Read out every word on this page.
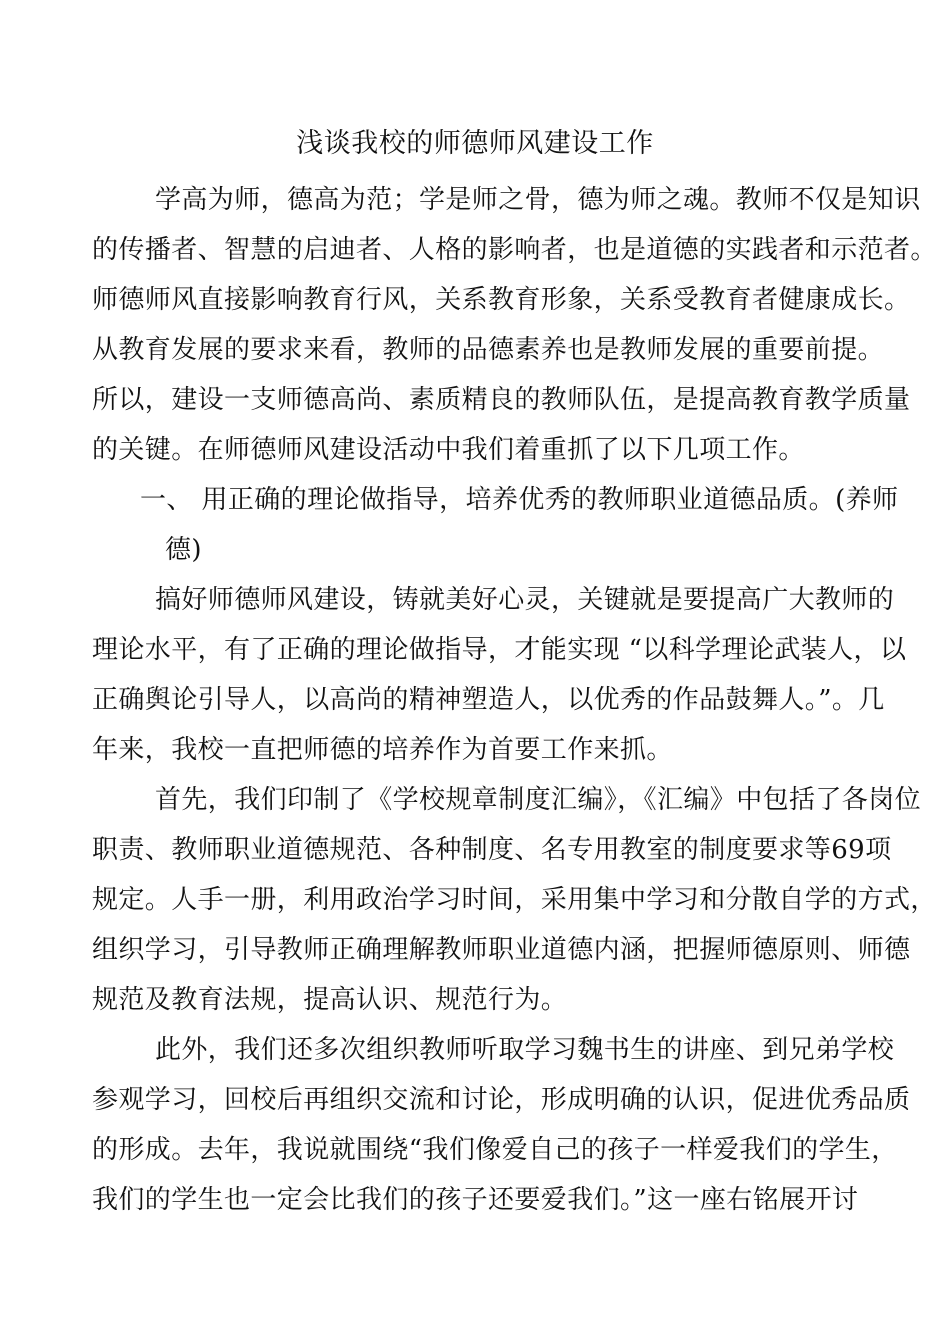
浅谈我校的师德师风建设工作
学高为师，德高为范；学是师之骨，德为师之魂。教师不仅是知识
的传播者、智慧的启迪者、人格的影响者，也是道德的实践者和示范者。
师德师风直接影响教育行风，关系教育形象，关系受教育者健康成长。
从教育发展的要求来看，教师的品德素养也是教师发展的重要前提。
所以，建设一支师德高尚、素质精良的教师队伍，是提高教育教学质量
的关键。在师德师风建设活动中我们着重抓了以下几项工作。
一、 用正确的理论做指导，培养优秀的教师职业道德品质。(养师
德)
搞好师德师风建设，铸就美好心灵，关键就是要提高广大教师的
理论水平，有了正确的理论做指导，才能实现 “以科学理论武装人，以
正确舆论引导人，以高尚的精神塑造人，以优秀的作品鼓舞人。”。几
年来，我校一直把师德的培养作为首要工作来抓。
首先，我们印制了《学校规章制度汇编》，《汇编》中包括了各岗位
职责、教师职业道德规范、各种制度、名专用教室的制度要求等69项
规定。人手一册，利用政治学习时间，采用集中学习和分散自学的方式，
组织学习，引导教师正确理解教师职业道德内涵，把握师德原则、师德
规范及教育法规，提高认识、规范行为。
此外，我们还多次组织教师听取学习魏书生的讲座、到兄弟学校
参观学习，回校后再组织交流和讨论，形成明确的认识，促进优秀品质
的形成。去年，我说就围绕“我们像爱自己的孩子一样爱我们的学生，
我们的学生也一定会比我们的孩子还要爱我们。”这一座右铭展开讨
